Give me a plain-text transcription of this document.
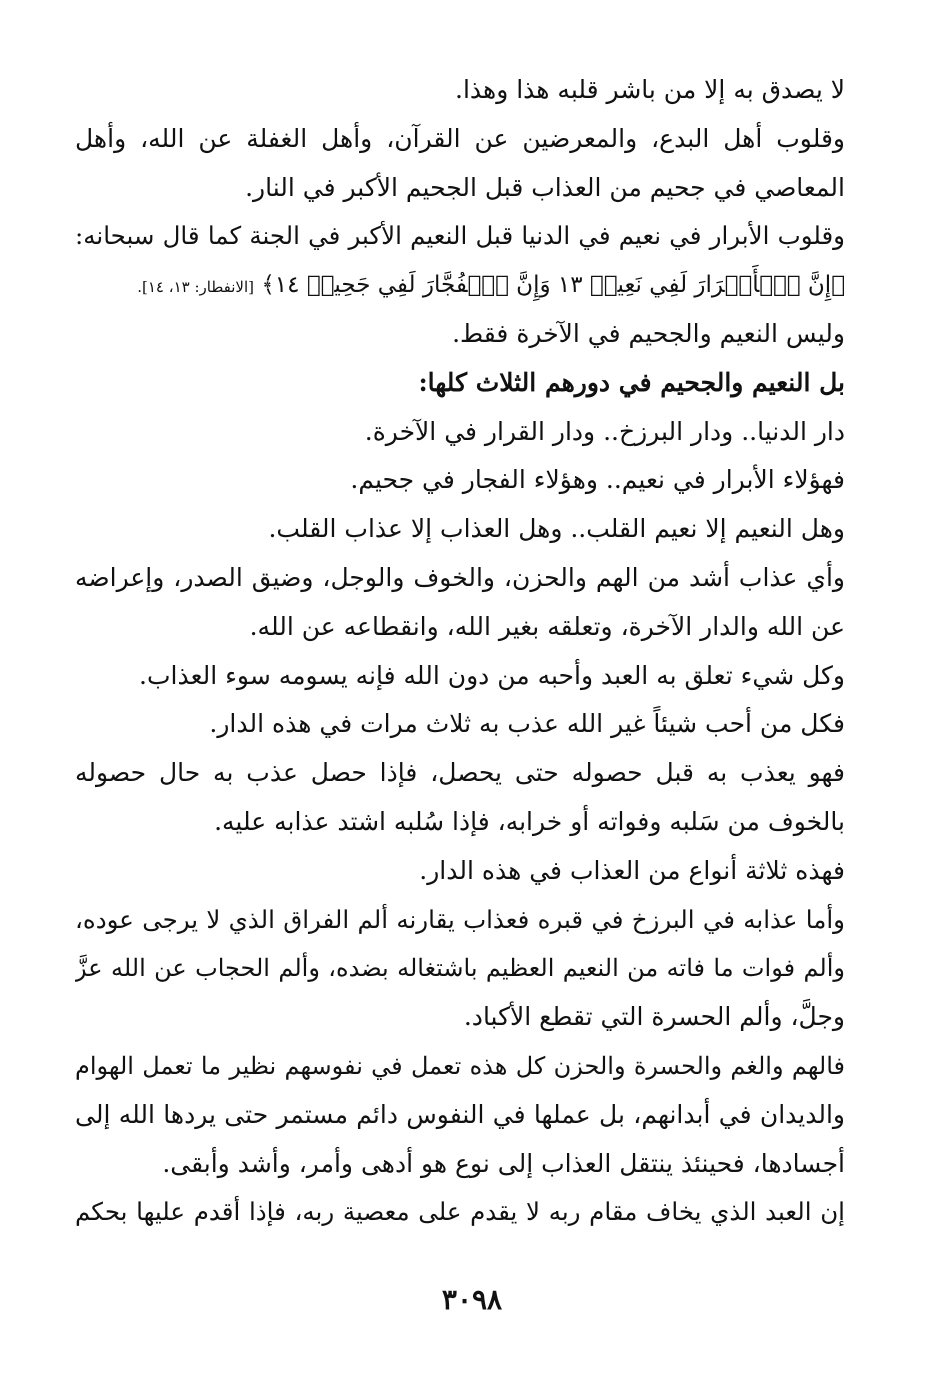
لا يصدق به إلا من باشر قلبه هذا وهذا.
وقلوب أهل البدع، والمعرضين عن القرآن، وأهل الغفلة عن الله، وأهل
المعاصي في جحيم من العذاب قبل الجحيم الأكبر في النار.
وقلوب الأبرار في نعيم في الدنيا قبل النعيم الأكبر في الجنة كما قال سبحانه:
﴿إِنَّ ٱلۡأَبۡرَارَ لَفِي نَعِيمٖ ١٣ وَإِنَّ ٱلۡفُجَّارَ لَفِي جَحِيمٖ ١٤﴾ [الانفطار: ١٣، ١٤].
وليس النعيم والجحيم في الآخرة فقط.
بل النعيم والجحيم في دورهم الثلاث كلها:
دار الدنيا.. ودار البرزخ.. ودار القرار في الآخرة.
فهؤلاء الأبرار في نعيم.. وهؤلاء الفجار في جحيم.
وهل النعيم إلا نعيم القلب.. وهل العذاب إلا عذاب القلب.
وأي عذاب أشد من الهم والحزن، والخوف والوجل، وضيق الصدر، وإعراضه
عن الله والدار الآخرة، وتعلقه بغير الله، وانقطاعه عن الله.
وكل شيء تعلق به العبد وأحبه من دون الله فإنه يسومه سوء العذاب.
فكل من أحب شيئاً غير الله عذب به ثلاث مرات في هذه الدار.
فهو يعذب به قبل حصوله حتى يحصل، فإذا حصل عذب به حال حصوله
بالخوف من سَلبه وفواته أو خرابه، فإذا سُلبه اشتد عذابه عليه.
فهذه ثلاثة أنواع من العذاب في هذه الدار.
وأما عذابه في البرزخ في قبره فعذاب يقارنه ألم الفراق الذي لا يرجى عوده،
وألم فوات ما فاته من النعيم العظيم باشتغاله بضده، وألم الحجاب عن الله عزَّ
وجلَّ، وألم الحسرة التي تقطع الأكباد.
فالهم والغم والحسرة والحزن كل هذه تعمل في نفوسهم نظير ما تعمل الهوام
والديدان في أبدانهم، بل عملها في النفوس دائم مستمر حتى يردها الله إلى
أجسادها، فحينئذ ينتقل العذاب إلى نوع هو أدهى وأمر، وأشد وأبقى.
إن العبد الذي يخاف مقام ربه لا يقدم على معصية ربه، فإذا أقدم عليها بحكم
٣٠٩٨
